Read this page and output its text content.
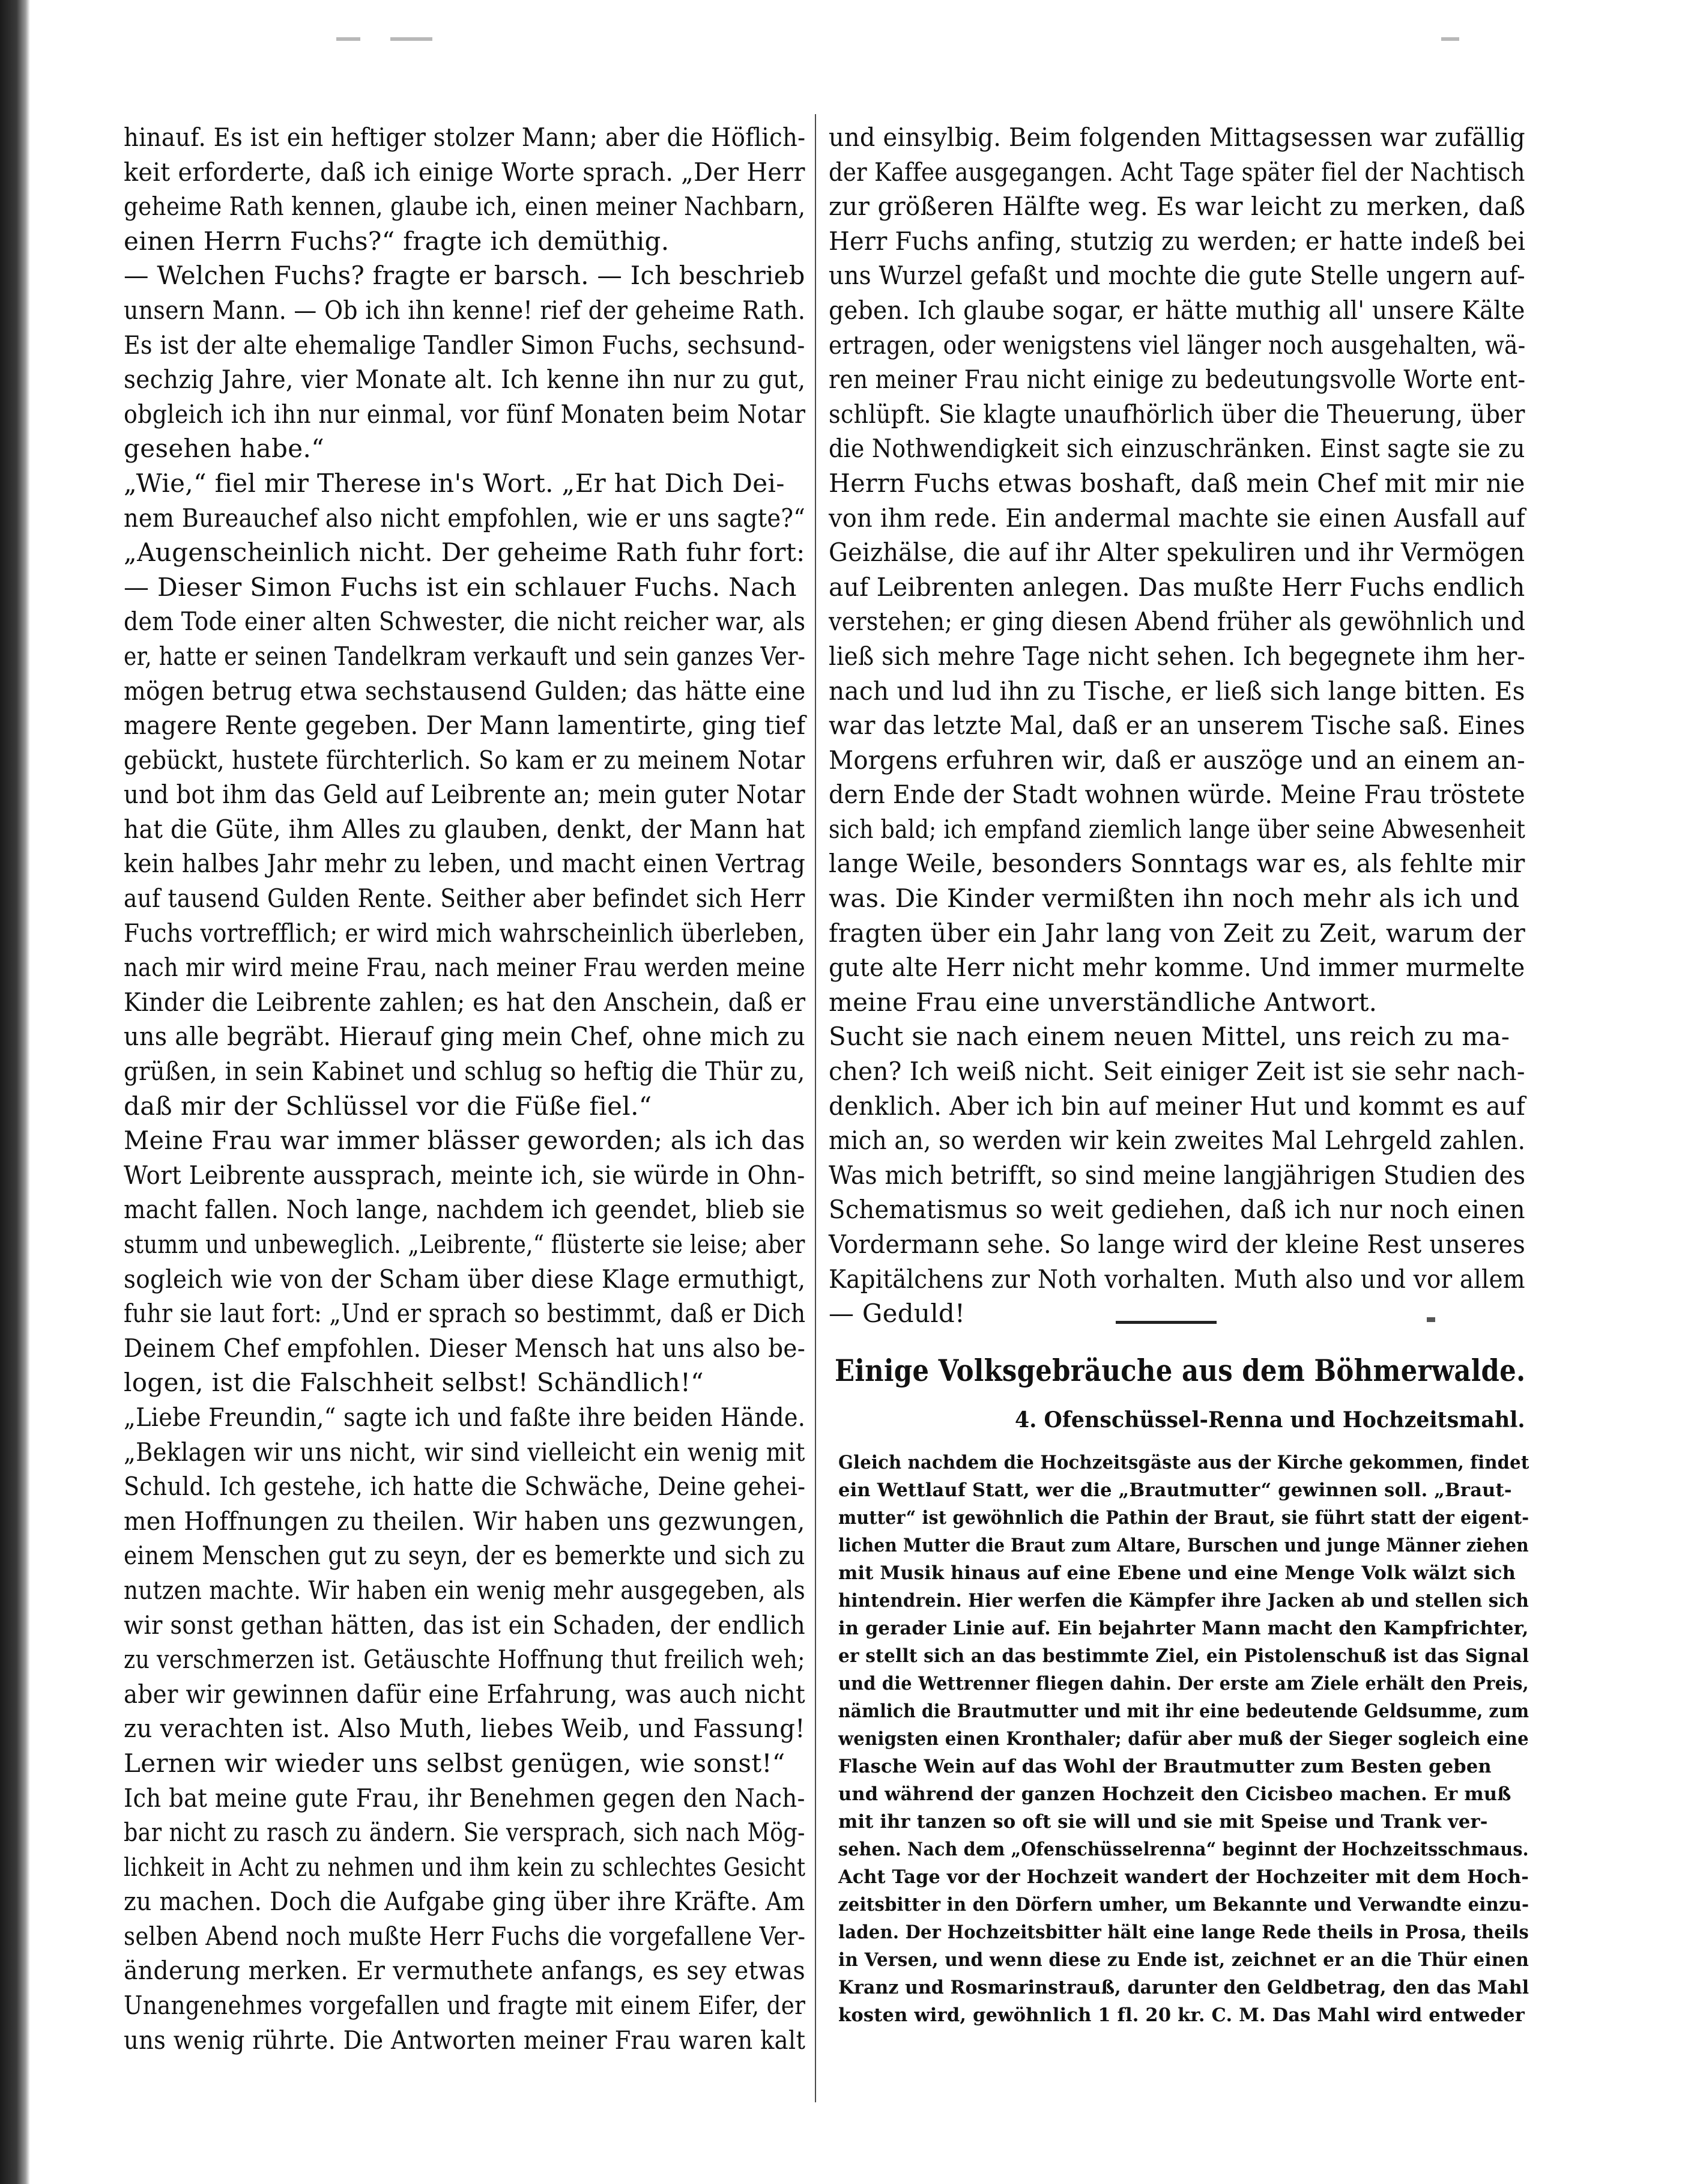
hinauf. Es ist ein heftiger stolzer Mann; aber die Höflich-
keit erforderte, daß ich einige Worte sprach. „Der Herr
geheime Rath kennen, glaube ich, einen meiner Nachbarn,
einen Herrn Fuchs?“ fragte ich demüthig.
— Welchen Fuchs? fragte er barsch. — Ich beschrieb
unsern Mann. — Ob ich ihn kenne! rief der geheime Rath.
Es ist der alte ehemalige Tandler Simon Fuchs, sechsund-
sechzig Jahre, vier Monate alt. Ich kenne ihn nur zu gut,
obgleich ich ihn nur einmal, vor fünf Monaten beim Notar
gesehen habe.“
„Wie,“ fiel mir Therese in's Wort. „Er hat Dich Dei-
nem Bureauchef also nicht empfohlen, wie er uns sagte?“
„Augenscheinlich nicht. Der geheime Rath fuhr fort:
— Dieser Simon Fuchs ist ein schlauer Fuchs. Nach
dem Tode einer alten Schwester, die nicht reicher war, als
er, hatte er seinen Tandelkram verkauft und sein ganzes Ver-
mögen betrug etwa sechstausend Gulden; das hätte eine
magere Rente gegeben. Der Mann lamentirte, ging tief
gebückt, hustete fürchterlich. So kam er zu meinem Notar
und bot ihm das Geld auf Leibrente an; mein guter Notar
hat die Güte, ihm Alles zu glauben, denkt, der Mann hat
kein halbes Jahr mehr zu leben, und macht einen Vertrag
auf tausend Gulden Rente. Seither aber befindet sich Herr
Fuchs vortrefflich; er wird mich wahrscheinlich überleben,
nach mir wird meine Frau, nach meiner Frau werden meine
Kinder die Leibrente zahlen; es hat den Anschein, daß er
uns alle begräbt. Hierauf ging mein Chef, ohne mich zu
grüßen, in sein Kabinet und schlug so heftig die Thür zu,
daß mir der Schlüssel vor die Füße fiel.“
Meine Frau war immer blässer geworden; als ich das
Wort Leibrente aussprach, meinte ich, sie würde in Ohn-
macht fallen. Noch lange, nachdem ich geendet, blieb sie
stumm und unbeweglich. „Leibrente,“ flüsterte sie leise; aber
sogleich wie von der Scham über diese Klage ermuthigt,
fuhr sie laut fort: „Und er sprach so bestimmt, daß er Dich
Deinem Chef empfohlen. Dieser Mensch hat uns also be-
logen, ist die Falschheit selbst! Schändlich!“
„Liebe Freundin,“ sagte ich und faßte ihre beiden Hände.
„Beklagen wir uns nicht, wir sind vielleicht ein wenig mit
Schuld. Ich gestehe, ich hatte die Schwäche, Deine gehei-
men Hoffnungen zu theilen. Wir haben uns gezwungen,
einem Menschen gut zu seyn, der es bemerkte und sich zu
nutzen machte. Wir haben ein wenig mehr ausgegeben, als
wir sonst gethan hätten, das ist ein Schaden, der endlich
zu verschmerzen ist. Getäuschte Hoffnung thut freilich weh;
aber wir gewinnen dafür eine Erfahrung, was auch nicht
zu verachten ist. Also Muth, liebes Weib, und Fassung!
Lernen wir wieder uns selbst genügen, wie sonst!“
Ich bat meine gute Frau, ihr Benehmen gegen den Nach-
bar nicht zu rasch zu ändern. Sie versprach, sich nach Mög-
lichkeit in Acht zu nehmen und ihm kein zu schlechtes Gesicht
zu machen. Doch die Aufgabe ging über ihre Kräfte. Am
selben Abend noch mußte Herr Fuchs die vorgefallene Ver-
änderung merken. Er vermuthete anfangs, es sey etwas
Unangenehmes vorgefallen und fragte mit einem Eifer, der
uns wenig rührte. Die Antworten meiner Frau waren kalt
und einsylbig. Beim folgenden Mittagsessen war zufällig
der Kaffee ausgegangen. Acht Tage später fiel der Nachtisch
zur größeren Hälfte weg. Es war leicht zu merken, daß
Herr Fuchs anfing, stutzig zu werden; er hatte indeß bei
uns Wurzel gefaßt und mochte die gute Stelle ungern auf-
geben. Ich glaube sogar, er hätte muthig all' unsere Kälte
ertragen, oder wenigstens viel länger noch ausgehalten, wä-
ren meiner Frau nicht einige zu bedeutungsvolle Worte ent-
schlüpft. Sie klagte unaufhörlich über die Theuerung, über
die Nothwendigkeit sich einzuschränken. Einst sagte sie zu
Herrn Fuchs etwas boshaft, daß mein Chef mit mir nie
von ihm rede. Ein andermal machte sie einen Ausfall auf
Geizhälse, die auf ihr Alter spekuliren und ihr Vermögen
auf Leibrenten anlegen. Das mußte Herr Fuchs endlich
verstehen; er ging diesen Abend früher als gewöhnlich und
ließ sich mehre Tage nicht sehen. Ich begegnete ihm her-
nach und lud ihn zu Tische, er ließ sich lange bitten. Es
war das letzte Mal, daß er an unserem Tische saß. Eines
Morgens erfuhren wir, daß er auszöge und an einem an-
dern Ende der Stadt wohnen würde. Meine Frau tröstete
sich bald; ich empfand ziemlich lange über seine Abwesenheit
lange Weile, besonders Sonntags war es, als fehlte mir
was. Die Kinder vermißten ihn noch mehr als ich und
fragten über ein Jahr lang von Zeit zu Zeit, warum der
gute alte Herr nicht mehr komme. Und immer murmelte
meine Frau eine unverständliche Antwort.
Sucht sie nach einem neuen Mittel, uns reich zu ma-
chen? Ich weiß nicht. Seit einiger Zeit ist sie sehr nach-
denklich. Aber ich bin auf meiner Hut und kommt es auf
mich an, so werden wir kein zweites Mal Lehrgeld zahlen.
Was mich betrifft, so sind meine langjährigen Studien des
Schematismus so weit gediehen, daß ich nur noch einen
Vordermann sehe. So lange wird der kleine Rest unseres
Kapitälchens zur Noth vorhalten. Muth also und vor allem
— Geduld!
Einige Volksgebräuche aus dem Böhmerwalde.
4. Ofenschüssel-Renna und Hochzeitsmahl.
Gleich nachdem die Hochzeitsgäste aus der Kirche gekommen, findet
ein Wettlauf Statt, wer die „Brautmutter“ gewinnen soll. „Braut-
mutter“ ist gewöhnlich die Pathin der Braut, sie führt statt der eigent-
lichen Mutter die Braut zum Altare, Burschen und junge Männer ziehen
mit Musik hinaus auf eine Ebene und eine Menge Volk wälzt sich
hintendrein. Hier werfen die Kämpfer ihre Jacken ab und stellen sich
in gerader Linie auf. Ein bejahrter Mann macht den Kampfrichter,
er stellt sich an das bestimmte Ziel, ein Pistolenschuß ist das Signal
und die Wettrenner fliegen dahin. Der erste am Ziele erhält den Preis,
nämlich die Brautmutter und mit ihr eine bedeutende Geldsumme, zum
wenigsten einen Kronthaler; dafür aber muß der Sieger sogleich eine
Flasche Wein auf das Wohl der Brautmutter zum Besten geben
und während der ganzen Hochzeit den Cicisbeo machen. Er muß
mit ihr tanzen so oft sie will und sie mit Speise und Trank ver-
sehen. Nach dem „Ofenschüsselrenna“ beginnt der Hochzeitsschmaus.
Acht Tage vor der Hochzeit wandert der Hochzeiter mit dem Hoch-
zeitsbitter in den Dörfern umher, um Bekannte und Verwandte einzu-
laden. Der Hochzeitsbitter hält eine lange Rede theils in Prosa, theils
in Versen, und wenn diese zu Ende ist, zeichnet er an die Thür einen
Kranz und Rosmarinstrauß, darunter den Geldbetrag, den das Mahl
kosten wird, gewöhnlich 1 fl. 20 kr. C. M. Das Mahl wird entweder
